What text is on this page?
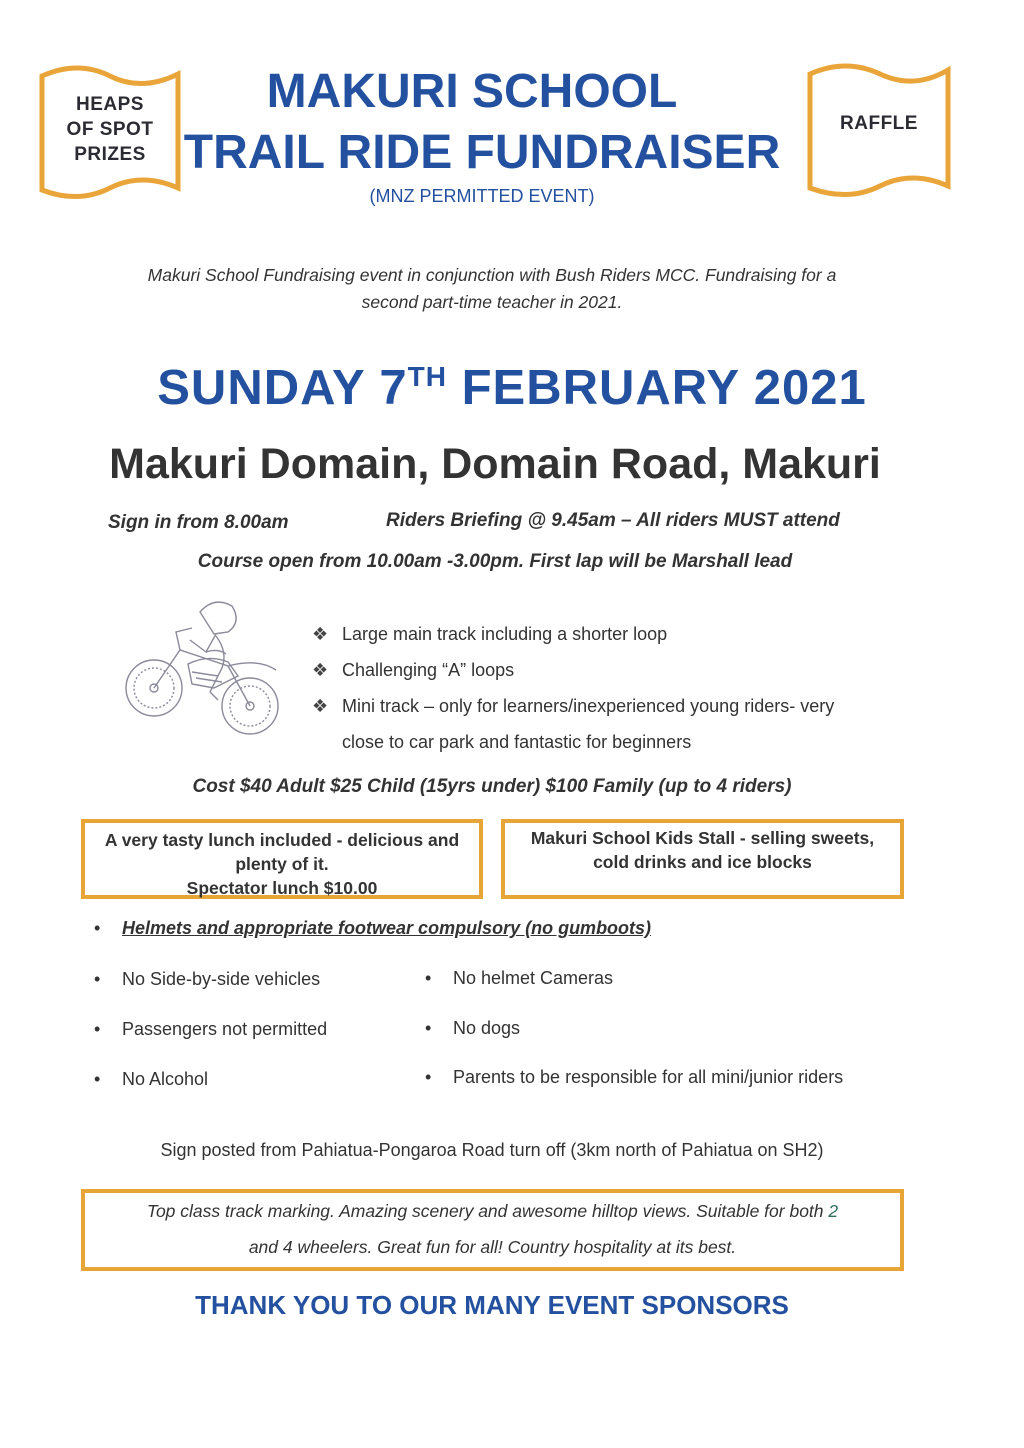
HEAPS
OF SPOT
PRIZES
RAFFLE
MAKURI SCHOOL
TRAIL RIDE FUNDRAISER
(MNZ PERMITTED EVENT)
Makuri School Fundraising event in conjunction with Bush Riders MCC. Fundraising for a
second part-time teacher in 2021.
SUNDAY 7TH FEBRUARY 2021
Makuri Domain, Domain Road, Makuri
Sign in from 8.00am	Riders Briefing @ 9.45am – All riders MUST attend
Course open from 10.00am -3.00pm. First lap will be Marshall lead
❖ Large main track including a shorter loop
❖ Challenging “A” loops
❖ Mini track – only for learners/inexperienced young riders- very
close to car park and fantastic for beginners
Cost $40 Adult $25 Child (15yrs under) $100 Family (up to 4 riders)
A very tasty lunch included - delicious and
plenty of it.
Spectator lunch $10.00
Makuri School Kids Stall - selling sweets,
cold drinks and ice blocks
• Helmets and appropriate footwear compulsory (no gumboots)
• No Side-by-side vehicles
• Passengers not permitted
• No Alcohol
• No helmet Cameras
• No dogs
• Parents to be responsible for all mini/junior riders
Sign posted from Pahiatua-Pongaroa Road turn off (3km north of Pahiatua on SH2)
Top class track marking. Amazing scenery and awesome hilltop views. Suitable for both 2
and 4 wheelers. Great fun for all! Country hospitality at its best.
THANK YOU TO OUR MANY EVENT SPONSORS
